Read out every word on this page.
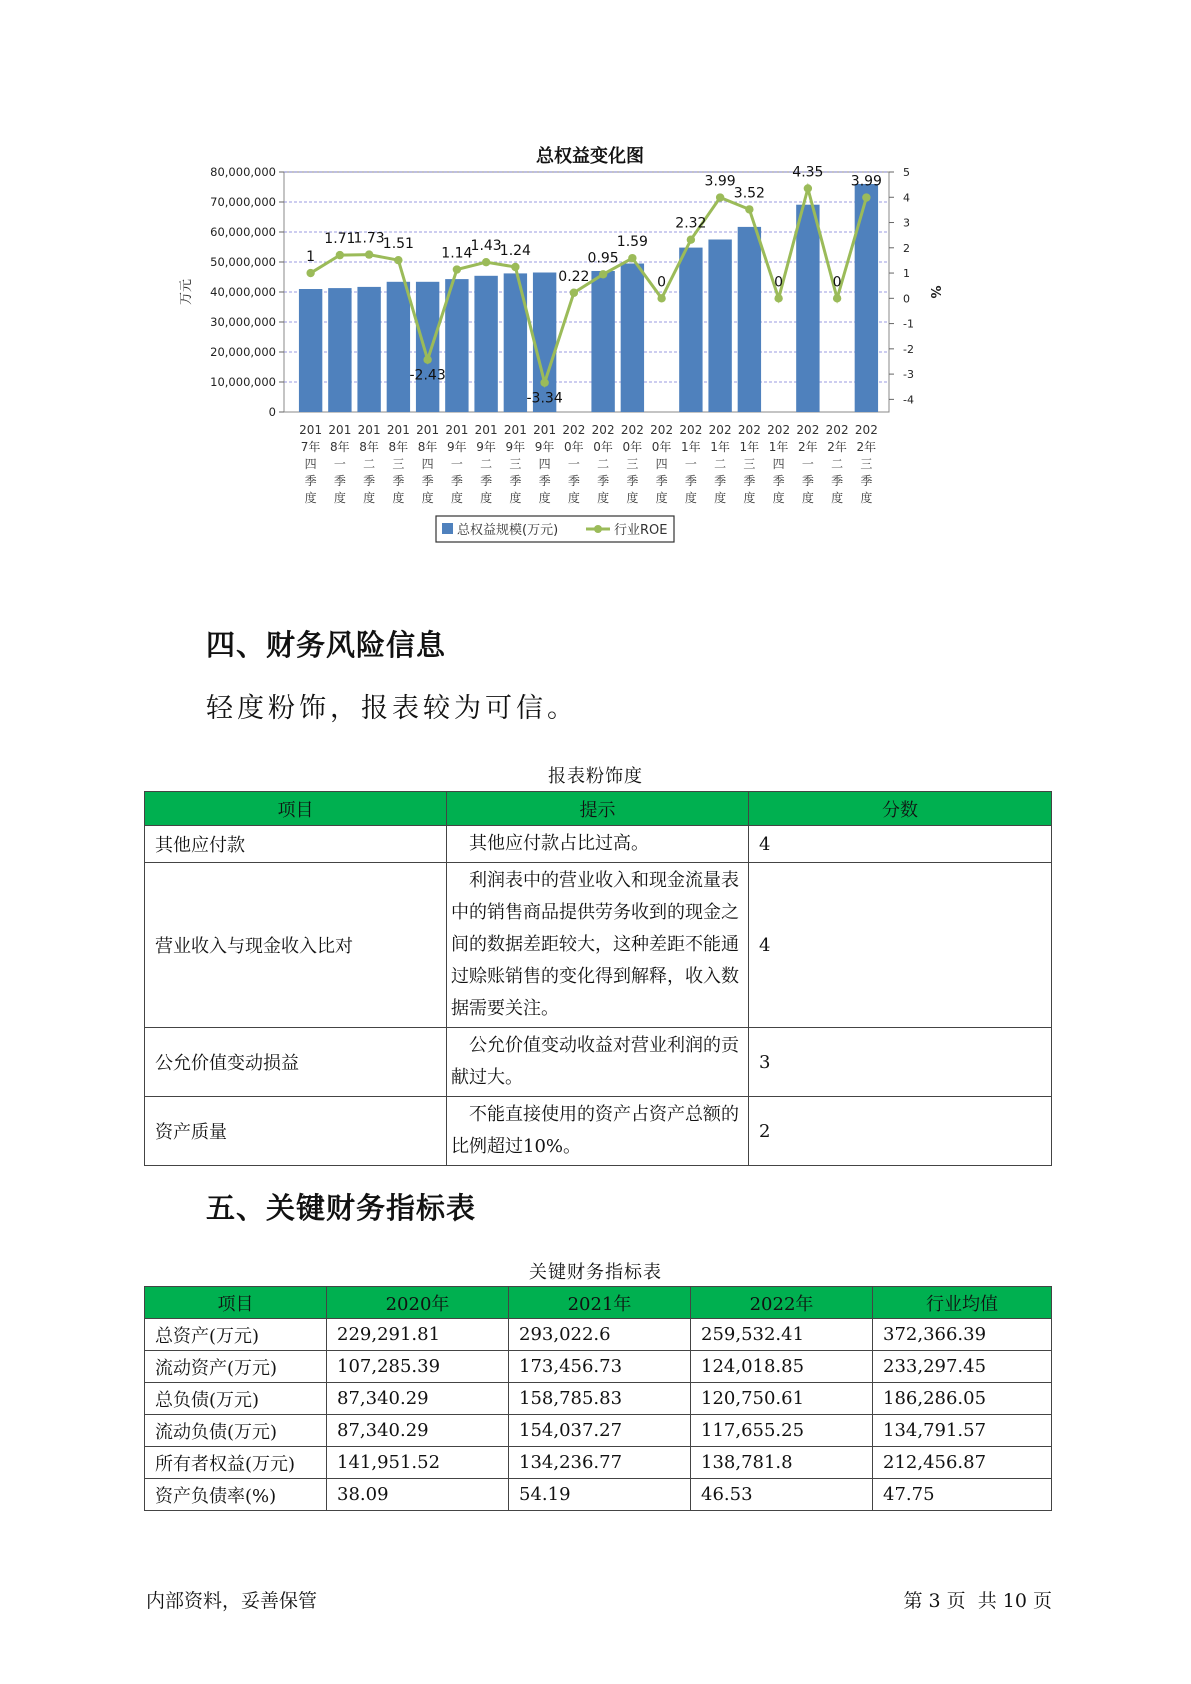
总权益变化图
80,000,000
70,000,000
60,000,000
50,000,000
40,000,000
30,000,000
20,000,000
10,000,000
0
5
4
3
2
1
0
-1
-2
-3
-4
万元	%
201 7年四季度
201 8年一季度
201 8年二季度
201 8年三季度
201 8年四季度
201 9年一季度
201 9年二季度
201 9年三季度
201 9年四季度
202 0年一季度
202 0年二季度
202 0年三季度
202 0年四季度
202 1年一季度
202 1年二季度
202 1年三季度
202 1年四季度
202 2年一季度
202 2年二季度
202 2年三季度
1
1.71
1.73
1.51
-2.43
1.14
1.43
1.24
-3.34
0.22
0.95
1.59
0
2.32
3.99
3.52
0
4.35
0
3.99
总权益规模(万元)	行业ROE
四、财务风险信息
轻度粉饰，报表较为可信。
报表粉饰度
项目	提示	分数
其他应付款	其他应付款占比过高。	4
营业收入与现金收入比对	利润表中的营业收入和现金流量表中的销售商品提供劳务收到的现金之间的数据差距较大，这种差距不能通过赊账销售的变化得到解释，收入数据需要关注。	4
公允价值变动损益	公允价值变动收益对营业利润的贡献过大。	3
资产质量	不能直接使用的资产占资产总额的比例超过10%。	2
五、关键财务指标表
关键财务指标表
项目	2020年	2021年	2022年	行业均值
总资产(万元)	229,291.81	293,022.6	259,532.41	372,366.39
流动资产(万元)	107,285.39	173,456.73	124,018.85	233,297.45
总负债(万元)	87,340.29	158,785.83	120,750.61	186,286.05
流动负债(万元)	87,340.29	154,037.27	117,655.25	134,791.57
所有者权益(万元)	141,951.52	134,236.77	138,781.8	212,456.87
资产负债率(%)	38.09	54.19	46.53	47.75
内部资料，妥善保管	第 3 页  共 10 页
